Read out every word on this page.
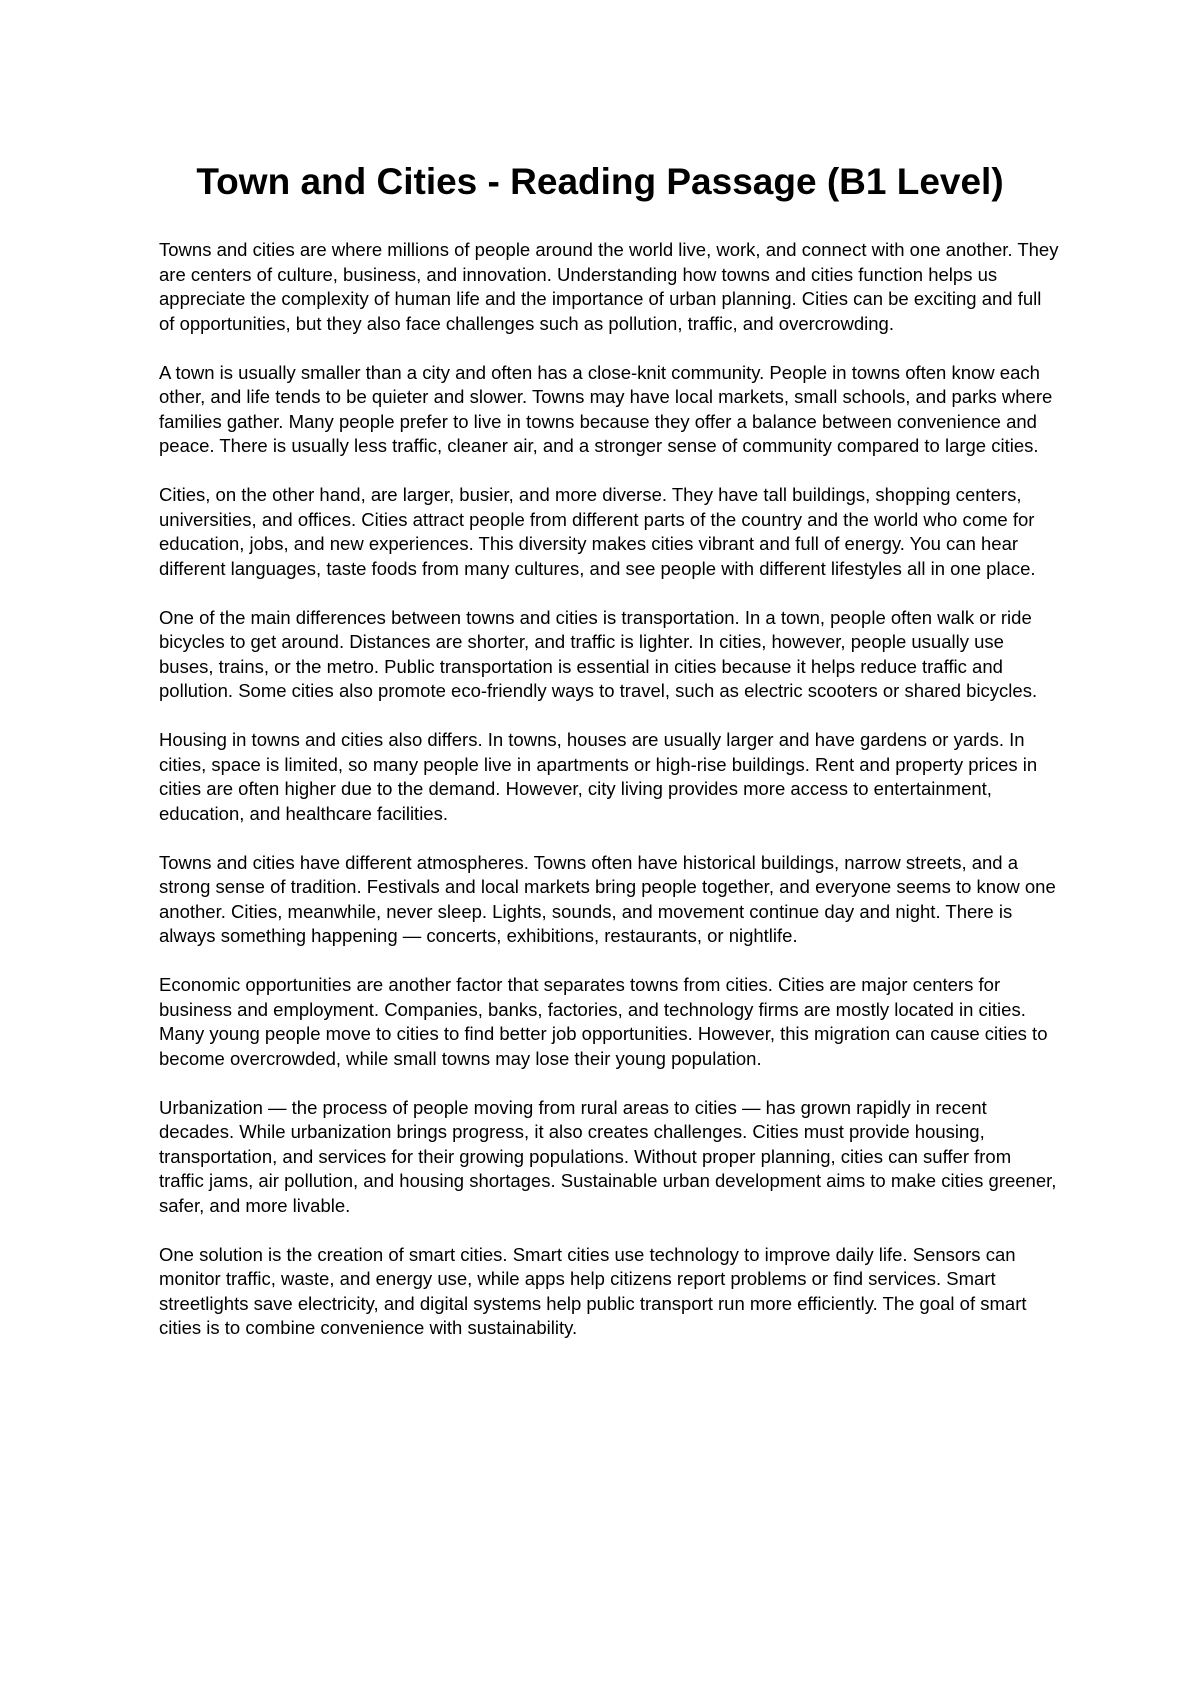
Town and Cities - Reading Passage (B1 Level)

Towns and cities are where millions of people around the world live, work, and connect with one another. They are centers of culture, business, and innovation. Understanding how towns and cities function helps us appreciate the complexity of human life and the importance of urban planning. Cities can be exciting and full of opportunities, but they also face challenges such as pollution, traffic, and overcrowding.

A town is usually smaller than a city and often has a close-knit community. People in towns often know each other, and life tends to be quieter and slower. Towns may have local markets, small schools, and parks where families gather. Many people prefer to live in towns because they offer a balance between convenience and peace. There is usually less traffic, cleaner air, and a stronger sense of community compared to large cities.

Cities, on the other hand, are larger, busier, and more diverse. They have tall buildings, shopping centers, universities, and offices. Cities attract people from different parts of the country and the world who come for education, jobs, and new experiences. This diversity makes cities vibrant and full of energy. You can hear different languages, taste foods from many cultures, and see people with different lifestyles all in one place.

One of the main differences between towns and cities is transportation. In a town, people often walk or ride bicycles to get around. Distances are shorter, and traffic is lighter. In cities, however, people usually use buses, trains, or the metro. Public transportation is essential in cities because it helps reduce traffic and pollution. Some cities also promote eco-friendly ways to travel, such as electric scooters or shared bicycles.

Housing in towns and cities also differs. In towns, houses are usually larger and have gardens or yards. In cities, space is limited, so many people live in apartments or high-rise buildings. Rent and property prices in cities are often higher due to the demand. However, city living provides more access to entertainment, education, and healthcare facilities.

Towns and cities have different atmospheres. Towns often have historical buildings, narrow streets, and a strong sense of tradition. Festivals and local markets bring people together, and everyone seems to know one another. Cities, meanwhile, never sleep. Lights, sounds, and movement continue day and night. There is always something happening — concerts, exhibitions, restaurants, or nightlife.

Economic opportunities are another factor that separates towns from cities. Cities are major centers for business and employment. Companies, banks, factories, and technology firms are mostly located in cities. Many young people move to cities to find better job opportunities. However, this migration can cause cities to become overcrowded, while small towns may lose their young population.

Urbanization — the process of people moving from rural areas to cities — has grown rapidly in recent decades. While urbanization brings progress, it also creates challenges. Cities must provide housing, transportation, and services for their growing populations. Without proper planning, cities can suffer from traffic jams, air pollution, and housing shortages. Sustainable urban development aims to make cities greener, safer, and more livable.

One solution is the creation of smart cities. Smart cities use technology to improve daily life. Sensors can monitor traffic, waste, and energy use, while apps help citizens report problems or find services. Smart streetlights save electricity, and digital systems help public transport run more efficiently. The goal of smart cities is to combine convenience with sustainability.
